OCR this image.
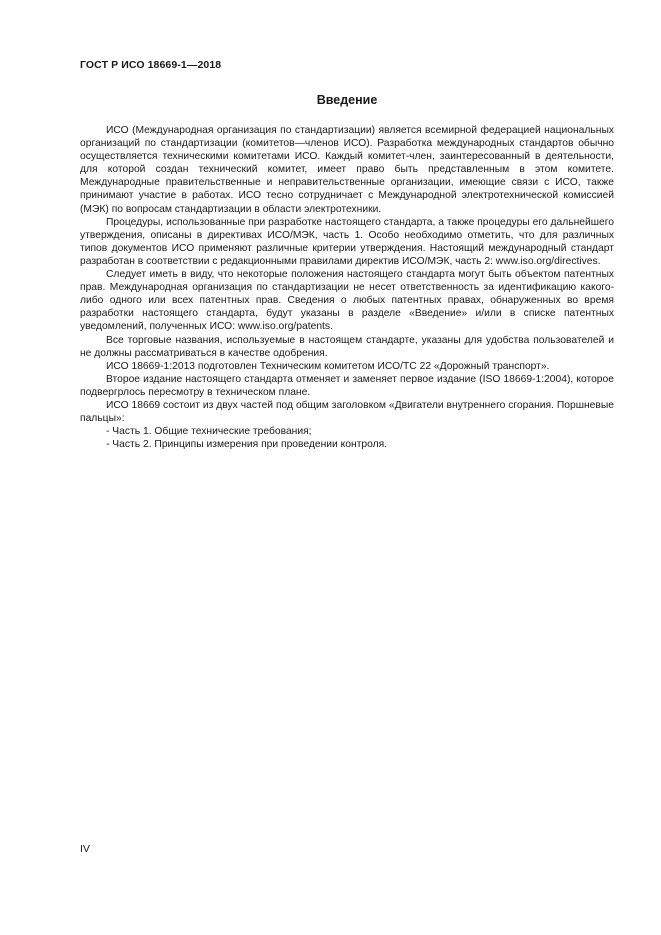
ГОСТ Р ИСО 18669-1—2018
Введение

ИСО (Международная организация по стандартизации) является всемирной федерацией национальных организаций по стандартизации (комитетов—членов ИСО). Разработка международных стандартов обычно осуществляется техническими комитетами ИСО. Каждый комитет-член, заинтересованный в деятельности, для которой создан технический комитет, имеет право быть представленным в этом комитете. Международные правительственные и неправительственные организации, имеющие связи с ИСО, также принимают участие в работах. ИСО тесно сотрудничает с Международной электротехнической комиссией (МЭК) по вопросам стандартизации в области электротехники.

Процедуры, использованные при разработке настоящего стандарта, а также процедуры его дальнейшего утверждения, описаны в директивах ИСО/МЭК, часть 1. Особо необходимо отметить, что для различных типов документов ИСО применяют различные критерии утверждения. Настоящий международный стандарт разработан в соответствии с редакционными правилами директив ИСО/МЭК, часть 2: www.iso.org/directives.

Следует иметь в виду, что некоторые положения настоящего стандарта могут быть объектом патентных прав. Международная организация по стандартизации не несет ответственность за идентификацию какого-либо одного или всех патентных прав. Сведения о любых патентных правах, обнаруженных во время разработки настоящего стандарта, будут указаны в разделе «Введение» и/или в списке патентных уведомлений, полученных ИСО: www.iso.org/patents.

Все торговые названия, используемые в настоящем стандарте, указаны для удобства пользователей и не должны рассматриваться в качестве одобрения.

ИСО 18669-1:2013 подготовлен Техническим комитетом ИСО/ТС 22 «Дорожный транспорт».

Второе издание настоящего стандарта отменяет и заменяет первое издание (ISO 18669-1:2004), которое подвергрлось пересмотру в техническом плане.

ИСО 18669 состоит из двух частей под общим заголовком «Двигатели внутреннего сгорания. Поршневые пальцы»:

- Часть 1. Общие технические требования;

- Часть 2. Принципы измерения при проведении контроля.

IV
